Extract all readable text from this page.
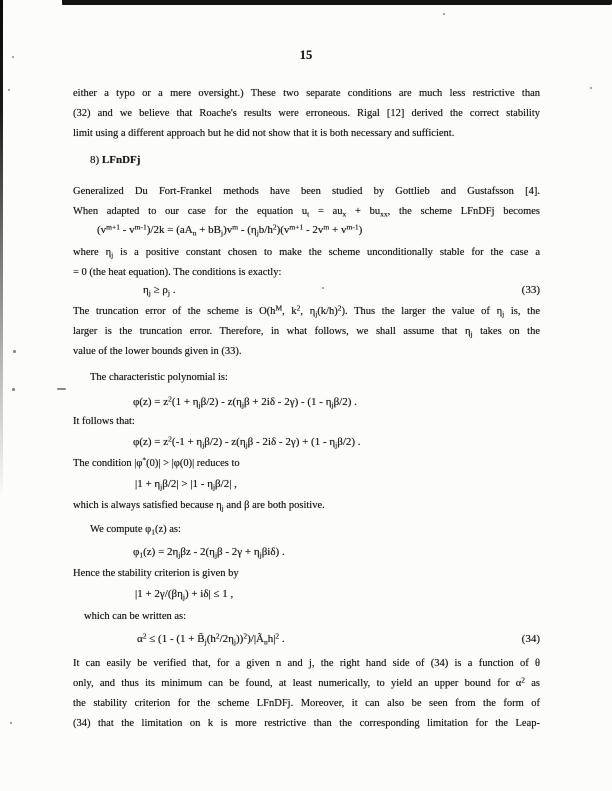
15
either a typo or a mere oversight.) These two separate conditions are much less restrictive than
(32) and we believe that Roache's results were erroneous. Rigal [12] derived the correct stability
limit using a different approach but he did not show that it is both necessary and sufficient.
8) LFnDFj
Generalized Du Fort-Frankel methods have been studied by Gottlieb and Gustafsson [4].
When adapted to our case for the equation $u_t = au_x + bu_{xx}$, the scheme LFnDFj becomes
$(v^{m+1} - v^{m-1})/2k = (aA_n + bB_j)v^m - (\eta_jb/h^2)(v^{m+1} - 2v^m + v^{m-1})$
where $\eta_j$ is a positive constant chosen to make the scheme unconditionally stable for the case a
= 0 (the heat equation). The conditions is exactly:
$\eta_j \ge \rho_j$ .	(33)
The truncation error of the scheme is $O(h^M$, $k^2$, $\eta_j(k/h)^2$). Thus the larger the value of $\eta_j$ is, the
larger is the truncation error. Therefore, in what follows, we shall assume that $\eta_j$ takes on the
value of the lower bounds given in (33).
The characteristic polynomial is:
$\varphi(z) = z^2(1 + \eta_j\beta/2) - z(\eta_j\beta + 2i\delta - 2\gamma) - (1 - \eta_j\beta/2)$ .
It follows that:
$\varphi(z) = z^2(-1 + \eta_j\beta/2) - z(\eta_j\beta - 2i\delta - 2\gamma) + (1 - \eta_j\beta/2)$ .
The condition |φ*(0)| > |φ(0)| reduces to
$|1 + \eta_j\beta/2| > |1 - \eta_j\beta/2|$ ,
which is always satisfied because $\eta_j$ and β are both positive.
We compute $\varphi_1(z)$ as:
$\varphi_1(z) = 2\eta_j\beta z - 2(\eta_j\beta - 2\gamma + \eta_j\beta i\delta)$ .
Hence the stability criterion is given by
$|1 + 2\gamma/(\beta\eta_j) + i\delta| \le 1$ ,
which can be written as:
$\alpha^2 \le (1 - (1$ + $B̃_j(h^2/2\eta_j))^2)/|Ã_nh|^2$ .	(34)
It can easily be verified that, for a given n and j, the right hand side of (34) is a function of θ
only, and thus its minimum can be found, at least numerically, to yield an upper bound for $\alpha^2$ as
the stability criterion for the scheme LFnDFj. Moreover, it can also be seen from the form of
(34) that the limitation on k is more restrictive than the corresponding limitation for the Leap-
